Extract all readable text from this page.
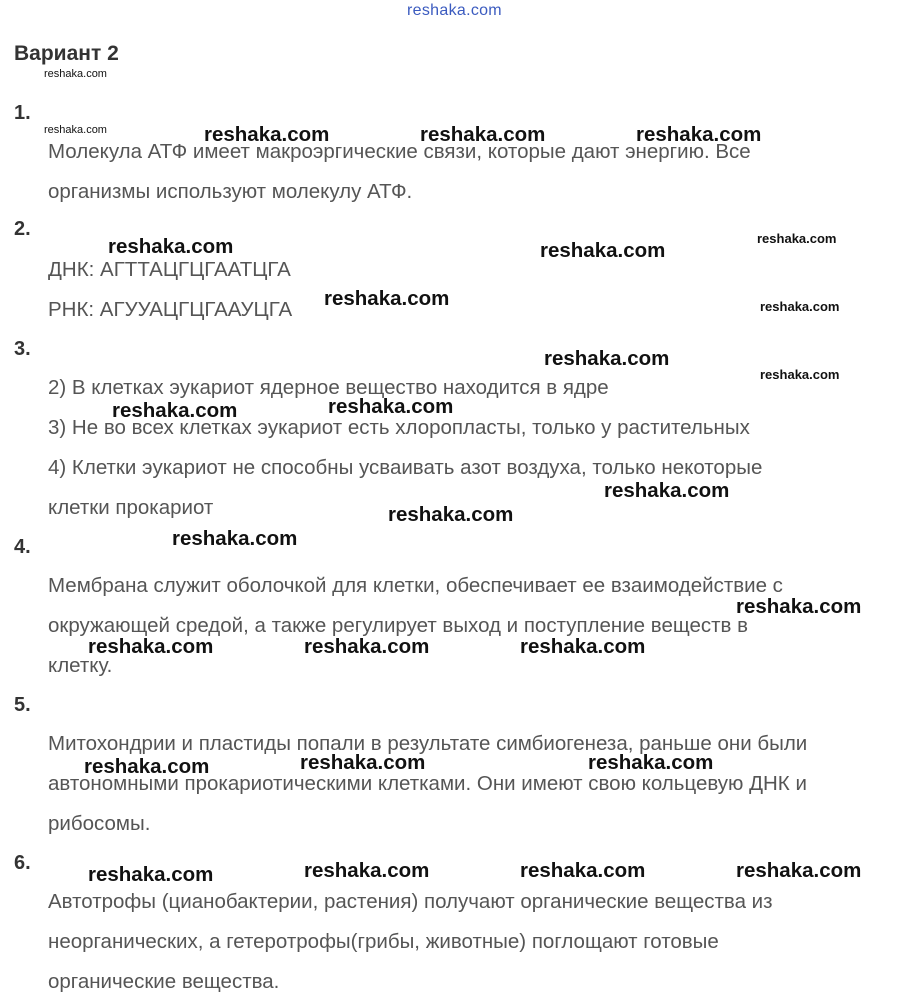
reshaka.com
Вариант 2
reshaka.com
1.
reshaka.com
Молекула АТФ имеет макроэргические связи, которые дают энергию. Все
организмы используют молекулу АТФ.
2.
ДНК: АГТТАЦГЦГААТЦГА
РНК: АГУУАЦГЦГААУЦГА
3.
2) В клетках эукариот ядерное вещество находится в ядре
3) Не во всех клетках эукариот есть хлоропласты, только у растительных
4) Клетки эукариот не способны усваивать азот воздуха, только некоторые
клетки прокариот
4.
Мембрана служит оболочкой для клетки, обеспечивает ее взаимодействие с
окружающей средой, а также регулирует выход и поступление веществ в
клетку.
5.
Митохондрии и пластиды попали в результате симбиогенеза, раньше они были
автономными прокариотическими клетками. Они имеют свою кольцевую ДНК и
рибосомы.
6.
Автотрофы (цианобактерии, растения) получают органические вещества из
неорганических, а гетеротрофы(грибы, животные) поглощают готовые
органические вещества.
reshaka.com	reshaka.com	reshaka.com
reshaka.com	reshaka.com
reshaka.com
reshaka.com	reshaka.com
reshaka.com
reshaka.com
reshaka.com	reshaka.com
reshaka.com
reshaka.com
reshaka.com
reshaka.com
reshaka.com	reshaka.com	reshaka.com
reshaka.com	reshaka.com	reshaka.com
reshaka.com	reshaka.com	reshaka.com	reshaka.com
